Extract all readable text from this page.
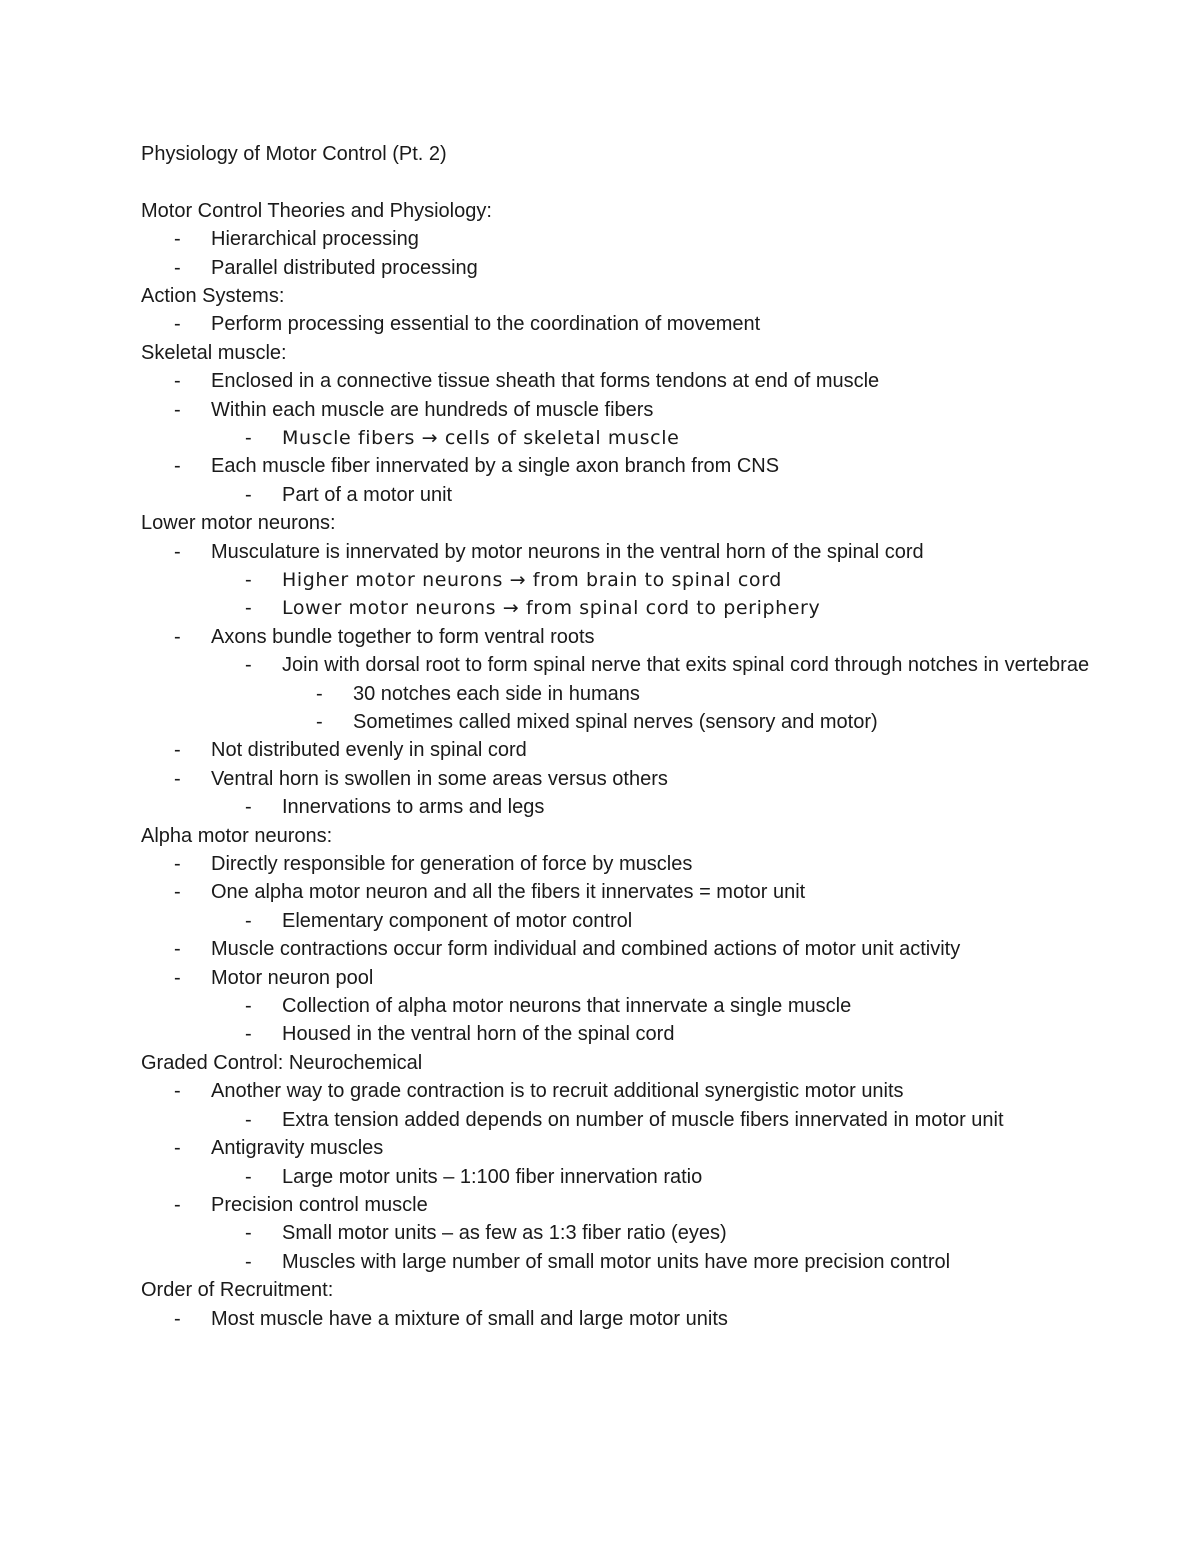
Physiology of Motor Control (Pt. 2)
Motor Control Theories and Physiology:
- Hierarchical processing
- Parallel distributed processing
Action Systems:
- Perform processing essential to the coordination of movement
Skeletal muscle:
- Enclosed in a connective tissue sheath that forms tendons at end of muscle
- Within each muscle are hundreds of muscle fibers
- Muscle fibers → cells of skeletal muscle
- Each muscle fiber innervated by a single axon branch from CNS
- Part of a motor unit
Lower motor neurons:
- Musculature is innervated by motor neurons in the ventral horn of the spinal cord
- Higher motor neurons → from brain to spinal cord
- Lower motor neurons → from spinal cord to periphery
- Axons bundle together to form ventral roots
- Join with dorsal root to form spinal nerve that exits spinal cord through notches in vertebrae
- 30 notches each side in humans
- Sometimes called mixed spinal nerves (sensory and motor)
- Not distributed evenly in spinal cord
- Ventral horn is swollen in some areas versus others
- Innervations to arms and legs
Alpha motor neurons:
- Directly responsible for generation of force by muscles
- One alpha motor neuron and all the fibers it innervates = motor unit
- Elementary component of motor control
- Muscle contractions occur form individual and combined actions of motor unit activity
- Motor neuron pool
- Collection of alpha motor neurons that innervate a single muscle
- Housed in the ventral horn of the spinal cord
Graded Control: Neurochemical
- Another way to grade contraction is to recruit additional synergistic motor units
- Extra tension added depends on number of muscle fibers innervated in motor unit
- Antigravity muscles
- Large motor units – 1:100 fiber innervation ratio
- Precision control muscle
- Small motor units – as few as 1:3 fiber ratio (eyes)
- Muscles with large number of small motor units have more precision control
Order of Recruitment:
- Most muscle have a mixture of small and large motor units
